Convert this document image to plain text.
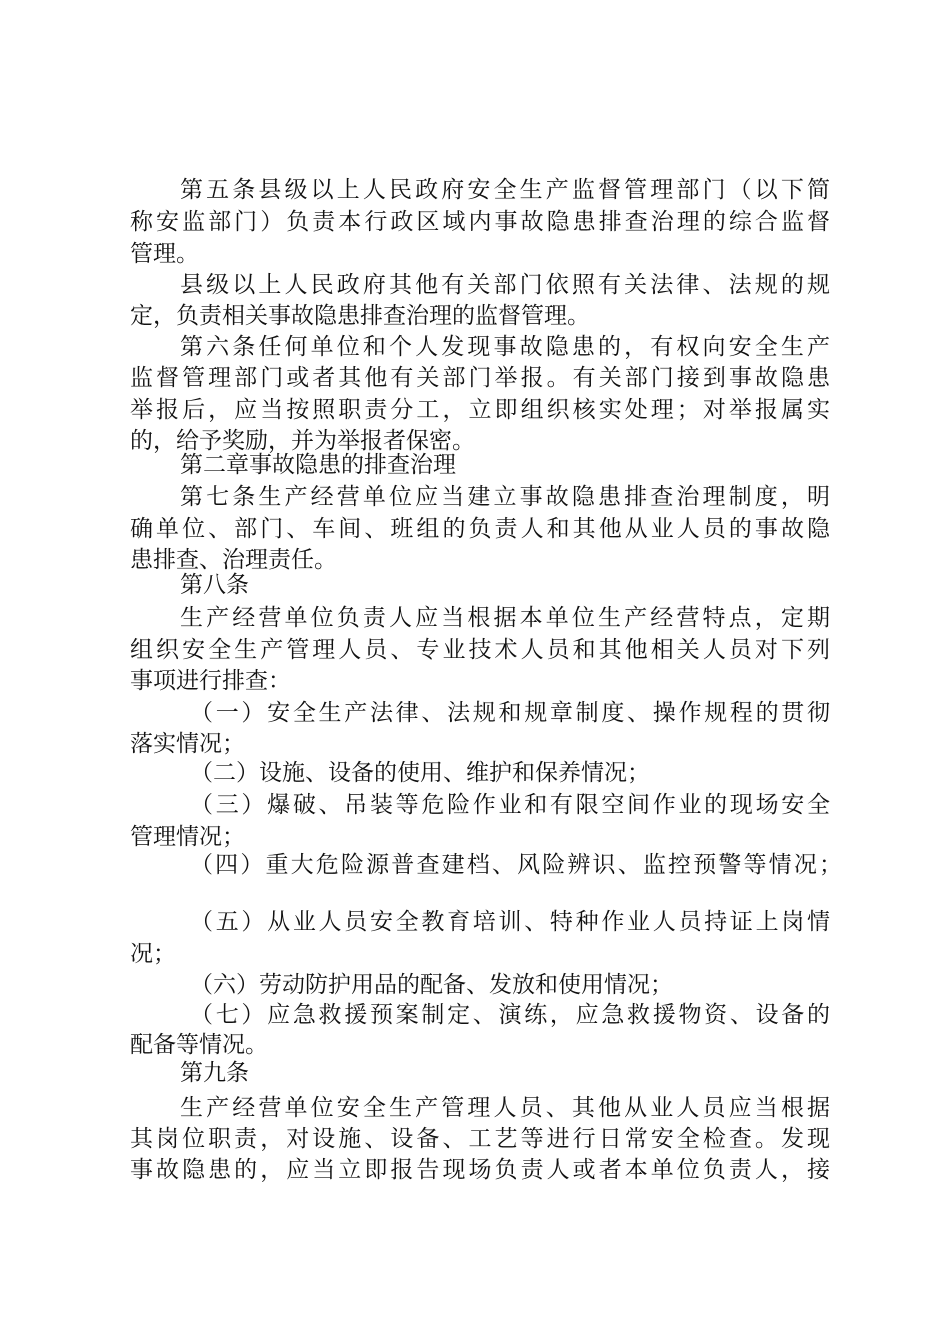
第五条县级以上人民政府安全生产监督管理部门（以下简
称安监部门）负责本行政区域内事故隐患排查治理的综合监督
管理。
县级以上人民政府其他有关部门依照有关法律、法规的规
定，负责相关事故隐患排查治理的监督管理。
第六条任何单位和个人发现事故隐患的，有权向安全生产
监督管理部门或者其他有关部门举报。有关部门接到事故隐患
举报后，应当按照职责分工，立即组织核实处理；对举报属实
的，给予奖励，并为举报者保密。
第二章事故隐患的排查治理
第七条生产经营单位应当建立事故隐患排查治理制度，明
确单位、部门、车间、班组的负责人和其他从业人员的事故隐
患排查、治理责任。
第八条
生产经营单位负责人应当根据本单位生产经营特点，定期
组织安全生产管理人员、专业技术人员和其他相关人员对下列
事项进行排查：
（一）安全生产法律、法规和规章制度、操作规程的贯彻
落实情况；
（二）设施、设备的使用、维护和保养情况；
（三）爆破、吊装等危险作业和有限空间作业的现场安全
管理情况；
（四）重大危险源普查建档、风险辨识、监控预警等情况；
（五）从业人员安全教育培训、特种作业人员持证上岗情
况；
（六）劳动防护用品的配备、发放和使用情况；
（七）应急救援预案制定、演练，应急救援物资、设备的
配备等情况。
第九条
生产经营单位安全生产管理人员、其他从业人员应当根据
其岗位职责，对设施、设备、工艺等进行日常安全检查。发现
事故隐患的，应当立即报告现场负责人或者本单位负责人，接
